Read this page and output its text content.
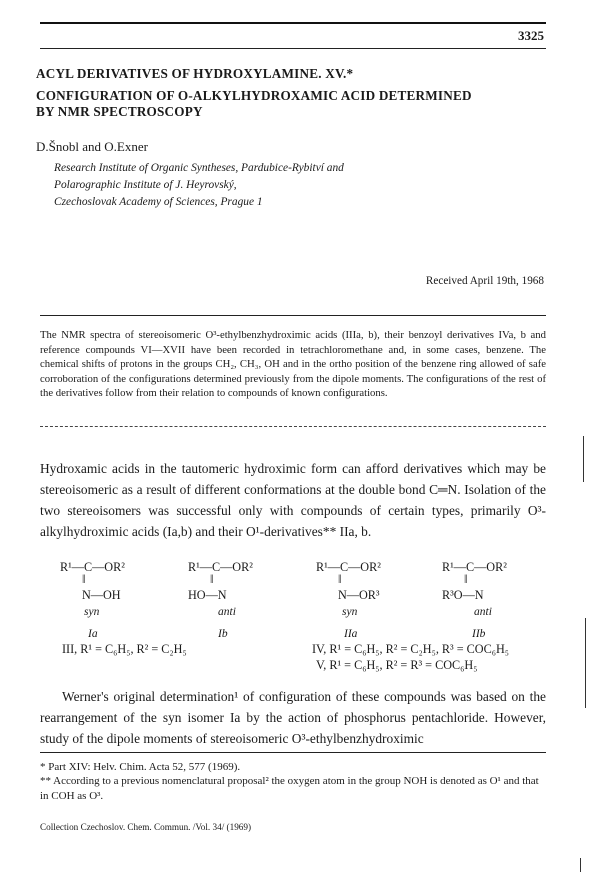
3325
ACYL DERIVATIVES OF HYDROXYLAMINE. XV.*
CONFIGURATION OF O-ALKYLHYDROXAMIC ACID DETERMINED
BY NMR SPECTROSCOPY
D.Šnobl and O.Exner
Research Institute of Organic Syntheses, Pardubice-Rybitví and
Polarographic Institute of J. Heyrovský,
Czechoslovak Academy of Sciences, Prague 1
Received April 19th, 1968
The NMR spectra of stereoisomeric O³-ethylbenzhydroximic acids (IIIa, b), their benzoyl derivatives IVa, b and reference compounds VI—XVII have been recorded in tetrachloromethane and, in some cases, benzene. The chemical shifts of protons in the groups CH₂, CH₃, OH and in the ortho position of the benzene ring allowed of safe corroboration of the configurations determined previously from the dipole moments. The configurations of the rest of the derivatives follow from their relation to compounds of known configurations.
Hydroxamic acids in the tautomeric hydroximic form can afford derivatives which may be stereoisomeric as a result of different conformations at the double bond C═N. Isolation of the two stereoisomers was successful only with compounds of certain types, primarily O³-alkylhydroximic acids (Ia,b) and their O¹-derivatives** IIa, b.
R¹—C—OR²
‖
N—OH
syn
Ia
R¹—C—OR²
‖
HO—N
anti
Ib
R¹—C—OR²
‖
N—OR³
syn
IIa
R¹—C—OR²
‖
R³O—N
anti
IIb
III, R¹ = C₆H₅, R² = C₂H₅	IV, R¹ = C₆H₅, R² = C₂H₅, R³ = COC₆H₅
V, R¹ = C₆H₅, R² = R³ = COC₆H₅
Werner's original determination¹ of configuration of these compounds was based on the rearrangement of the syn isomer Ia by the action of phosphorus pentachloride. However, study of the dipole moments of stereoisomeric O³-ethylbenzhydroximic
* Part XIV: Helv. Chim. Acta 52, 577 (1969).
** According to a previous nomenclatural proposal² the oxygen atom in the group NOH is denoted as O¹ and that in COH as O³.
Collection Czechoslov. Chem. Commun. /Vol. 34/ (1969)
